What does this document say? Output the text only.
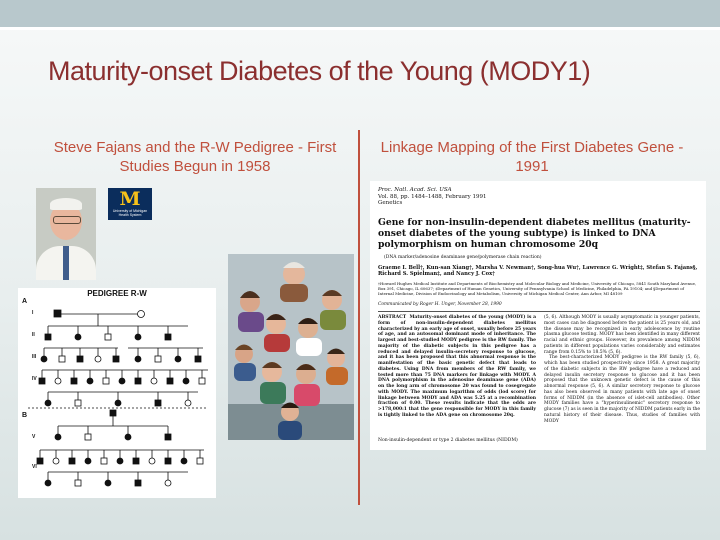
Maturity-onset Diabetes of the Young (MODY1)
Steve Fajans and the R-W Pedigree - First Studies Begun in 1958
Linkage Mapping of the First Diabetes Gene - 1991
M
University of Michigan
Health System
PEDIGREE R-W
A
B
I
II
III
IV
V
VI
Proc. Natl. Acad. Sci. USA
Vol. 88, pp. 1484–1488, February 1991
Genetics
Gene for non-insulin-dependent diabetes mellitus (maturity-onset diabetes of the young subtype) is linked to DNA polymorphism on human chromosome 20q
(DNA marker/adenosine deaminase gene/polymerase chain reaction)
Graeme I. Bell†, Kun-san Xiang†, Marsha V. Newman†, Song-hua Wu†, Lawrence G. Wright‡, Stefan S. Fajans§, Richard S. Spielman‡, and Nancy J. Cox†
†Howard Hughes Medical Institute and Departments of Biochemistry and Molecular Biology and Medicine, University of Chicago, 5841 South Maryland Avenue, Box 391, Chicago, IL 60637; ‡Department of Human Genetics, University of Pennsylvania School of Medicine, Philadelphia, PA 19104; and §Department of Internal Medicine, Division of Endocrinology and Metabolism, University of Michigan Medical Center, Ann Arbor, MI 48109
Communicated by Roger H. Unger, November 28, 1990
ABSTRACT Maturity-onset diabetes of the young (MODY) is a form of non-insulin-dependent diabetes mellitus characterized by an early age of onset, usually before 25 years of age, and an autosomal dominant mode of inheritance. The largest and best-studied MODY pedigree is the RW family. The majority of the diabetic subjects in this pedigree has a reduced and delayed insulin-secretory response to glucose, and it has been proposed that this abnormal response is the manifestation of the basic genetic defect that leads to diabetes. Using DNA from members of the RW family, we tested more than 75 DNA markers for linkage with MODY. A DNA polymorphism in the adenosine deaminase gene (ADA) on the long arm of chromosome 20 was found to cosegregate with MODY. The maximum logarithm of odds (lod score) for linkage between MODY and ADA was 5.25 at a recombination fraction of 0.00. These results indicate that the odds are >178,000:1 that the gene responsible for MODY in this family is tightly linked to the ADA gene on chromosome 20q.
Non-insulin-dependent or type 2 diabetes mellitus (NIDDM)

(5, 6). Although MODY is usually asymptomatic in younger patients, most cases can be diagnosed before the patient is 25 years old, and the disease may be recognized in early adolescence by routine plasma glucose testing. MODY has been identified in many different racial and ethnic groups. However, its prevalence among NIDDM patients in different populations varies considerably and estimates range from 0.15% to 18.5% (5, 6).

The best-characterized MODY pedigree is the RW family (5, 6), which has been studied prospectively since 1958. A great majority of the diabetic subjects in the RW pedigree have a reduced and delayed insulin secretory response to glucose and it has been proposed that the unknown genetic defect is the cause of this abnormal response (5, 6). A similar secretory response to glucose has also been observed in many patients with late age of onset forms of NIDDM (in the absence of islet-cell antibodies). Other MODY families have a "hyperinsulinemic" secretory response to glucose (7) as is seen in the majority of NIDDM patients early in the natural history of their disease. Thus, studies of families with MODY
